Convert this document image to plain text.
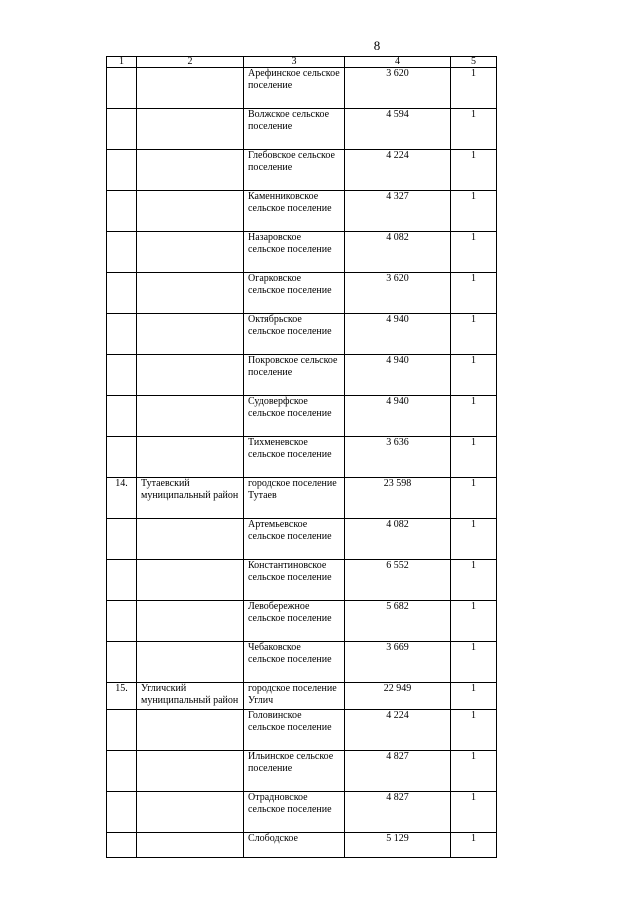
8
1	2	3	4	5	
		Арефинское сельское поселение	3 620	1	
		Волжское сельское поселение	4 594	1	
		Глебовское сельское поселение	4 224	1	
		Каменниковское сельское поселение	4 327	1	
		Назаровское сельское поселение	4 082	1	
		Огарковское сельское поселение	3 620	1	
		Октябрьское сельское поселение	4 940	1	
		Покровское сельское поселение	4 940	1	
		Судоверфское сельское поселение	4 940	1	
		Тихменевское сельское поселение	3 636	1	
14.	Тутаевский муниципальный район	городское поселение Тутаев	23 598	1	
		Артемьевское сельское поселение	4 082	1	
		Константиновское сельское поселение	6 552	1	
		Левобережное сельское поселение	5 682	1	
		Чебаковское сельское поселение	3 669	1	
15.	Угличский муниципальный район	городское поселение Углич	22 949	1	
		Головинское сельское поселение	4 224	1	
		Ильинское сельское поселение	4 827	1	
		Отрадновское сельское поселение	4 827	1	
		Слободское	5 129	1	
